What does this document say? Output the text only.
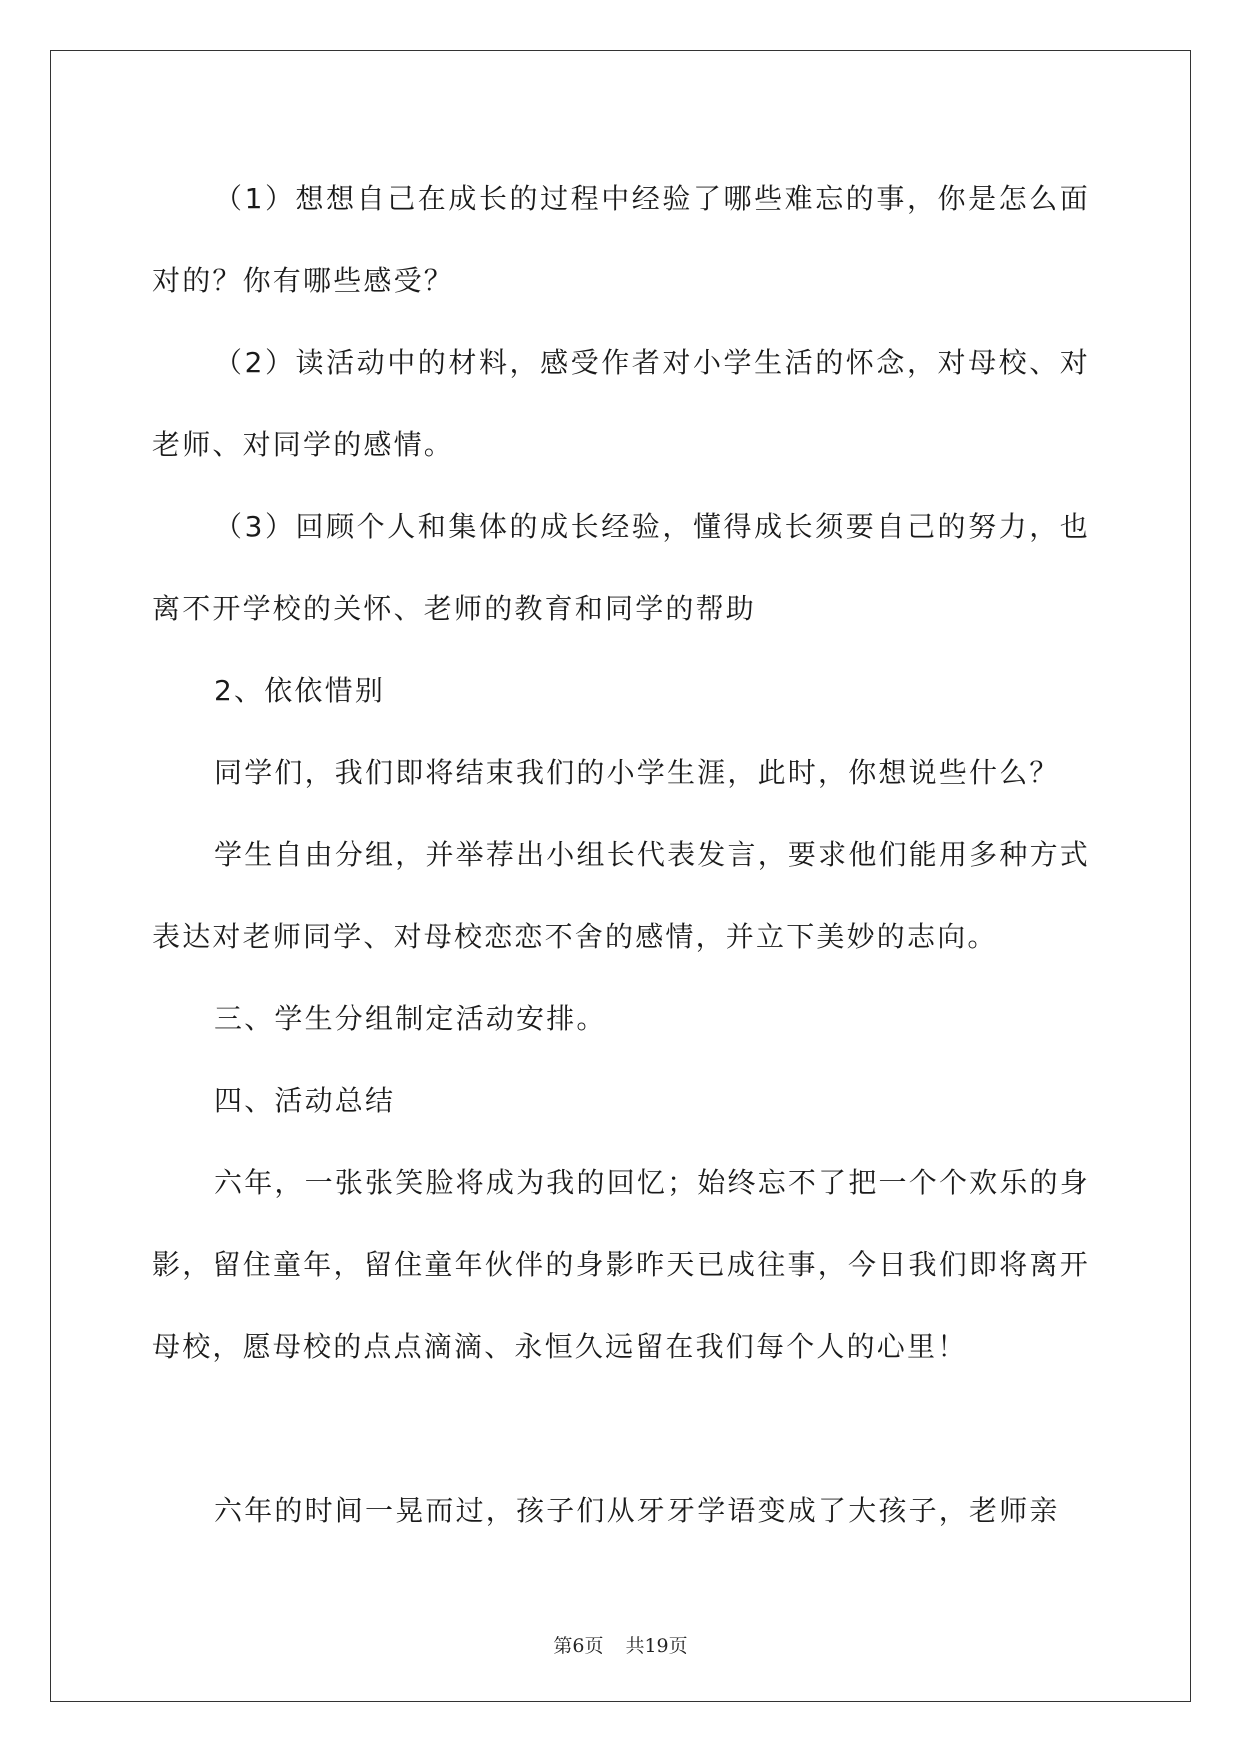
（1）想想自己在成长的过程中经验了哪些难忘的事，你是怎么面对的？你有哪些感受？

（2）读活动中的材料，感受作者对小学生活的怀念，对母校、对老师、对同学的感情。

（3）回顾个人和集体的成长经验，懂得成长须要自己的努力，也离不开学校的关怀、老师的教育和同学的帮助

2、依依惜别

同学们，我们即将结束我们的小学生涯，此时，你想说些什么？

学生自由分组，并举荐出小组长代表发言，要求他们能用多种方式表达对老师同学、对母校恋恋不舍的感情，并立下美妙的志向。

三、学生分组制定活动安排。

四、活动总结

六年，一张张笑脸将成为我的回忆；始终忘不了把一个个欢乐的身影，留住童年，留住童年伙伴的身影昨天已成往事，今日我们即将离开母校，愿母校的点点滴滴、永恒久远留在我们每个人的心里！

六年的时间一晃而过，孩子们从牙牙学语变成了大孩子，老师亲

第6页 共19页
